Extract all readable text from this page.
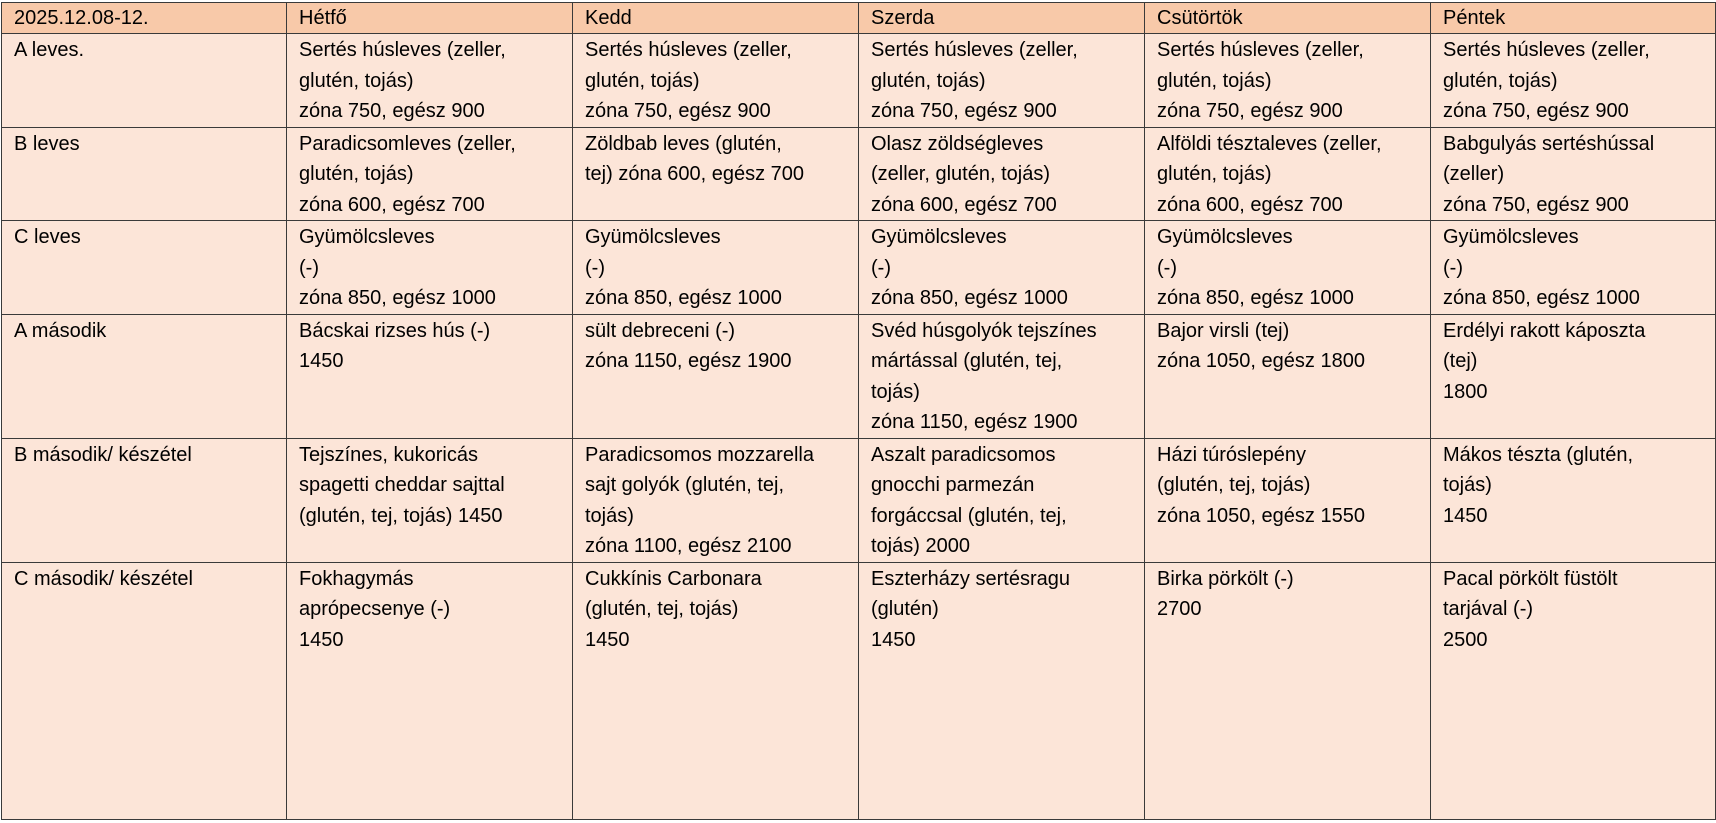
2025.12.08-12.	Hétfő	Kedd	Szerda	Csütörtök	Péntek
A leves.	Sertés húsleves (zeller,
glutén, tojás)
zóna 750, egész 900	Sertés húsleves (zeller,
glutén, tojás)
zóna 750, egész 900	Sertés húsleves (zeller,
glutén, tojás)
zóna 750, egész 900	Sertés húsleves (zeller,
glutén, tojás)
zóna 750, egész 900	Sertés húsleves (zeller,
glutén, tojás)
zóna 750, egész 900

B leves	Paradicsomleves (zeller,
glutén, tojás)
zóna 600, egész 700	Zöldbab leves (glutén,
tej) zóna 600, egész 700	Olasz zöldségleves
(zeller, glutén, tojás)
zóna 600, egész 700	Alföldi tésztaleves (zeller,
glutén, tojás)
zóna 600, egész 700	Babgulyás sertéshússal
(zeller)
zóna 750, egész 900

C leves	Gyümölcsleves
(-)
zóna 850, egész 1000	Gyümölcsleves
(-)
zóna 850, egész 1000	Gyümölcsleves
(-)
zóna 850, egész 1000	Gyümölcsleves
(-)
zóna 850, egész 1000	Gyümölcsleves
(-)
zóna 850, egész 1000

A második	Bácskai rizses hús (-)
1450	sült debreceni (-)
zóna 1150, egész 1900	Svéd húsgolyók tejszínes
mártással (glutén, tej,
tojás)
zóna 1150, egész 1900	Bajor virsli (tej)
zóna 1050, egész 1800	Erdélyi rakott káposzta
(tej)
1800

B második/ készétel	Tejszínes, kukoricás
spagetti cheddar sajttal
(glutén, tej, tojás) 1450	Paradicsomos mozzarella
sajt golyók (glutén, tej,
tojás)
zóna 1100, egész 2100	Aszalt paradicsomos
gnocchi parmezán
forgáccsal (glutén, tej,
tojás) 2000	Házi túróslepény
(glutén, tej, tojás)
zóna 1050, egész 1550	Mákos tészta (glutén,
tojás)
1450

C második/ készétel	Fokhagymás
aprópecsenye (-)
1450	Cukkínis Carbonara
(glutén, tej, tojás)
1450	Eszterházy sertésragu
(glutén)
1450	Birka pörkölt (-)
2700	Pacal pörkölt füstölt
tarjával (-)
2500
